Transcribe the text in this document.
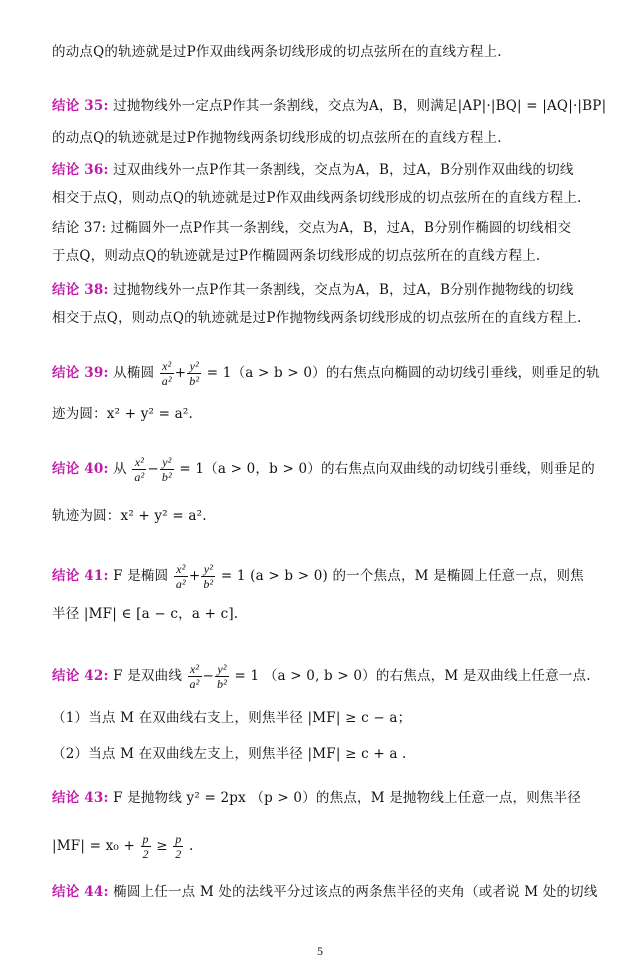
的动点Q的轨迹就是过P作双曲线两条切线形成的切点弦所在的直线方程上.
结论 35: 过抛物线外一定点P作其一条割线，交点为A，B，则满足|AP|·|BQ| = |AQ|·|BP|
的动点Q的轨迹就是过P作抛物线两条切线形成的切点弦所在的直线方程上.
结论 36: 过双曲线外一点P作其一条割线，交点为A，B，过A，B分别作双曲线的切线
相交于点Q，则动点Q的轨迹就是过P作双曲线两条切线形成的切点弦所在的直线方程上.
结论 37: 过椭圆外一点P作其一条割线，交点为A，B，过A，B分别作椭圆的切线相交
于点Q，则动点Q的轨迹就是过P作椭圆两条切线形成的切点弦所在的直线方程上.
结论 38: 过抛物线外一点P作其一条割线，交点为A，B，过A，B分别作抛物线的切线
相交于点Q，则动点Q的轨迹就是过P作抛物线两条切线形成的切点弦所在的直线方程上.
结论 39: 从椭圆 $\frac{\text{x²}}{\text{a²}} + \frac{\text{y²}}{\text{b²}} = 1(a > b > 0)$的右焦点向椭圆的动切线引垂线，则垂足的轨
迹为圆：x² + y² = a².
结论 40: 从 $\frac{\text{x²}}{\text{a²}} - \frac{\text{y²}}{\text{b²}} = 1(a > 0$，b > 0）的右焦点向双曲线的动切线引垂线，则垂足的
轨迹为圆：x² + y² = a².
结论 41: F 是椭圆 $\frac{\text{x²}}{\text{a²}} + \frac{\text{y²}}{\text{b²}} = 1$ (a > b > 0) 的一个焦点，M 是椭圆上任意一点，则焦
半径 |MF| ∈ [a − c，a + c].
结论 42: F 是双曲线 $\frac{\text{x²}}{\text{a²}} - \frac{\text{y²}}{\text{b²}} = 1$ （a > 0, b > 0）的右焦点，M 是双曲线上任意一点.
（1）当点 M 在双曲线右支上，则焦半径 |MF| ≥ c − a；
（2）当点 M 在双曲线左支上，则焦半径 |MF| ≥ c + a .
结论 43: F 是抛物线 y² = 2px （p > 0）的焦点，M 是抛物线上任意一点，则焦半径
$|MF| = x_0 + \frac{p}{2} \ge \frac{p}{2}$ .
结论 44: 椭圆上任一点 M 处的法线平分过该点的两条焦半径的夹角（或者说 M 处的切线
5
